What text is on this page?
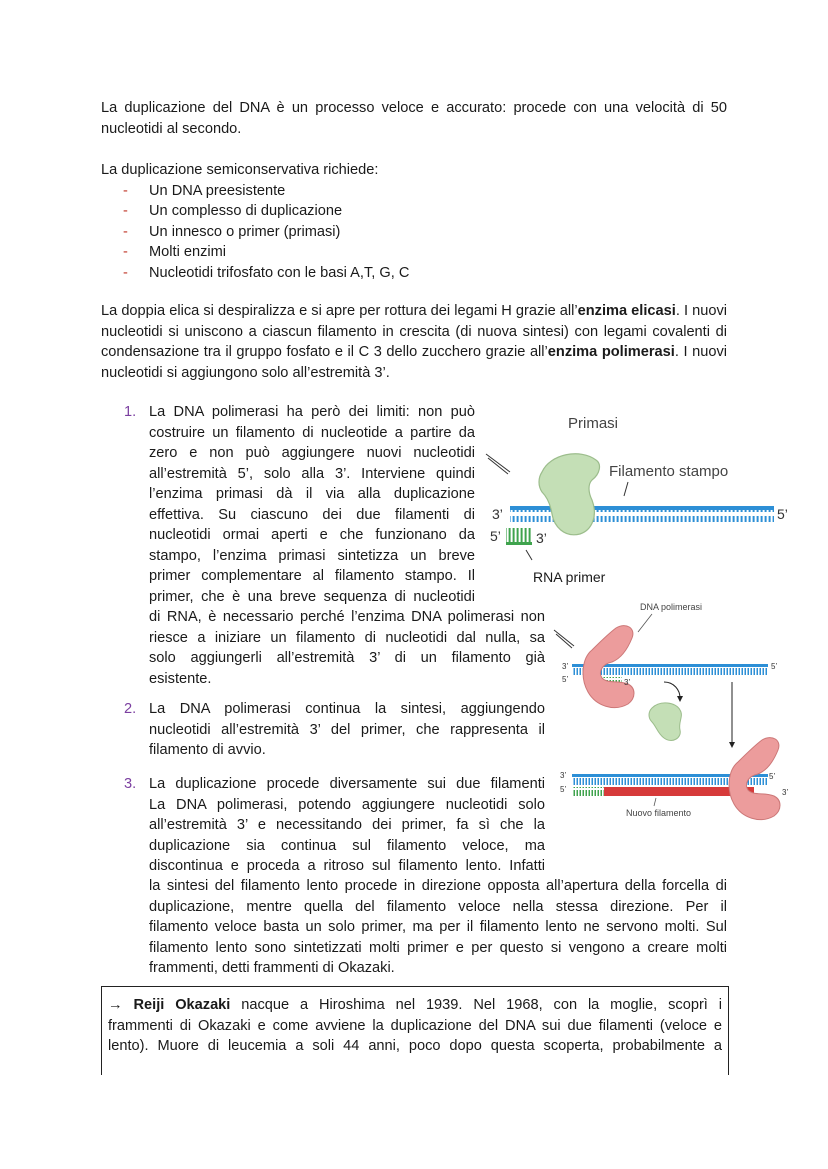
La duplicazione del DNA è un processo veloce e accurato: procede con una velocità di 50 nucleotidi al secondo.

La duplicazione semiconservativa richiede:
- Un DNA preesistente
- Un complesso di duplicazione
- Un innesco o primer (primasi)
- Molti enzimi
- Nucleotidi trifosfato con le basi A,T, G, C

La doppia elica si despiralizza e si apre per rottura dei legami H grazie all’enzima elicasi. I nuovi nucleotidi si uniscono a ciascun filamento in crescita (di nuova sintesi) con legami covalenti di condensazione tra il gruppo fosfato e il C 3 dello zucchero grazie all’enzima polimerasi. I nuovi nucleotidi si aggiungono solo all’estremità 3’.

1. La DNA polimerasi ha però dei limiti: non può
costruire un filamento di nucleotide a partire da
zero e non può aggiungere nuovi nucleotidi
all’estremità 5’, solo alla 3’. Interviene quindi
l’enzima primasi dà il via alla duplicazione
effettiva. Su ciascuno dei due filamenti di
nucleotidi ormai aperti e che funzionano da
stampo, l’enzima primasi sintetizza un breve
primer complementare al filamento stampo. Il
primer, che è una breve sequenza di nucleotidi
di RNA, è necessario perché l’enzima DNA polimerasi non
riesce a iniziare un filamento di nucleotidi dal nulla, sa
solo aggiungerli all’estremità 3’ di un filamento già
esistente.
2. La DNA polimerasi continua la sintesi, aggiungendo
nucleotidi all’estremità 3’ del primer, che rappresenta il
filamento di avvio.
3. La duplicazione procede diversamente sui due filamenti
La DNA polimerasi, potendo aggiungere nucleotidi solo
all’estremità 3’ e necessitando dei primer, fa sì che la
duplicazione sia continua sul filamento veloce, ma
discontinua e proceda a ritroso sul filamento lento. Infatti
la sintesi del filamento lento procede in direzione opposta all’apertura della forcella di
duplicazione, mentre quella del filamento veloce nella stessa direzione. Per il
filamento veloce basta un solo primer, ma per il filamento lento ne servono molti. Sul
filamento lento sono sintetizzati molti primer e per questo si vengono a creare molti
frammenti, detti frammenti di Okazaki.
Primasi
Filamento stampo
RNA primer
3’	5’
5’	3’
DNA polimerasi
3’
5’
5’
3’
3’
5’
5’
3’
Nuovo filamento
→ Reiji Okazaki nacque a Hiroshima nel 1939. Nel 1968, con la moglie, scoprì i
frammenti di Okazaki e come avviene la duplicazione del DNA sui due filamenti (veloce e
lento). Muore di leucemia a soli 44 anni, poco dopo questa scoperta, probabilmente a
